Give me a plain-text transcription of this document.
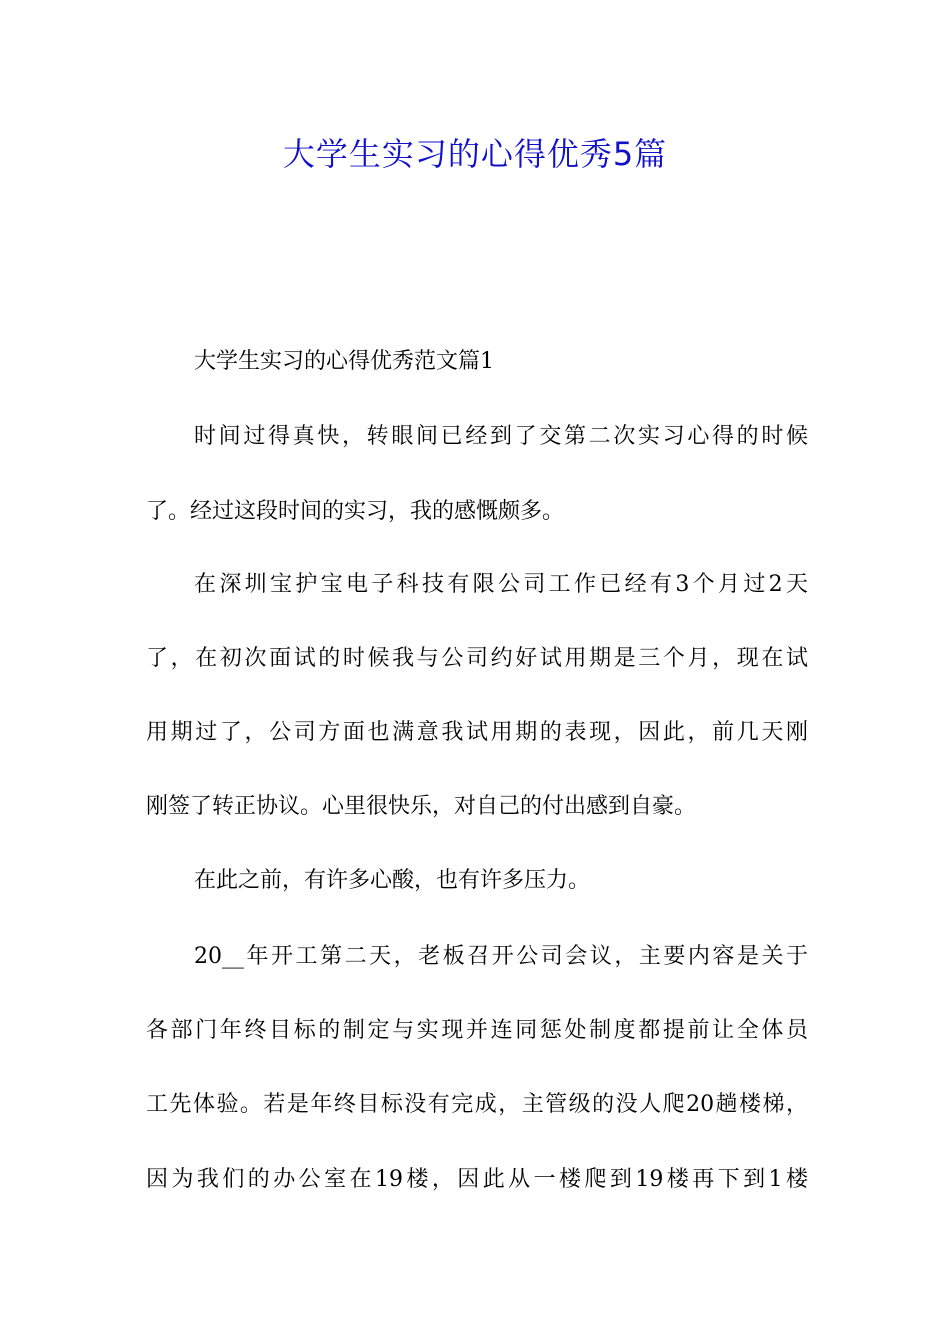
大学生实习的心得优秀5篇
大学生实习的心得优秀范文篇1
时间过得真快，转眼间已经到了交第二次实习心得的时候
了。经过这段时间的实习，我的感慨颇多。
在深圳宝护宝电子科技有限公司工作已经有3个月过2天
了，在初次面试的时候我与公司约好试用期是三个月，现在试
用期过了，公司方面也满意我试用期的表现，因此，前几天刚
刚签了转正协议。心里很快乐，对自己的付出感到自豪。
在此之前，有许多心酸，也有许多压力。
20__年开工第二天，老板召开公司会议，主要内容是关于
各部门年终目标的制定与实现并连同惩处制度都提前让全体员
工先体验。若是年终目标没有完成，主管级的没人爬20趟楼梯，
因为我们的办公室在19楼，因此从一楼爬到19楼再下到1楼
